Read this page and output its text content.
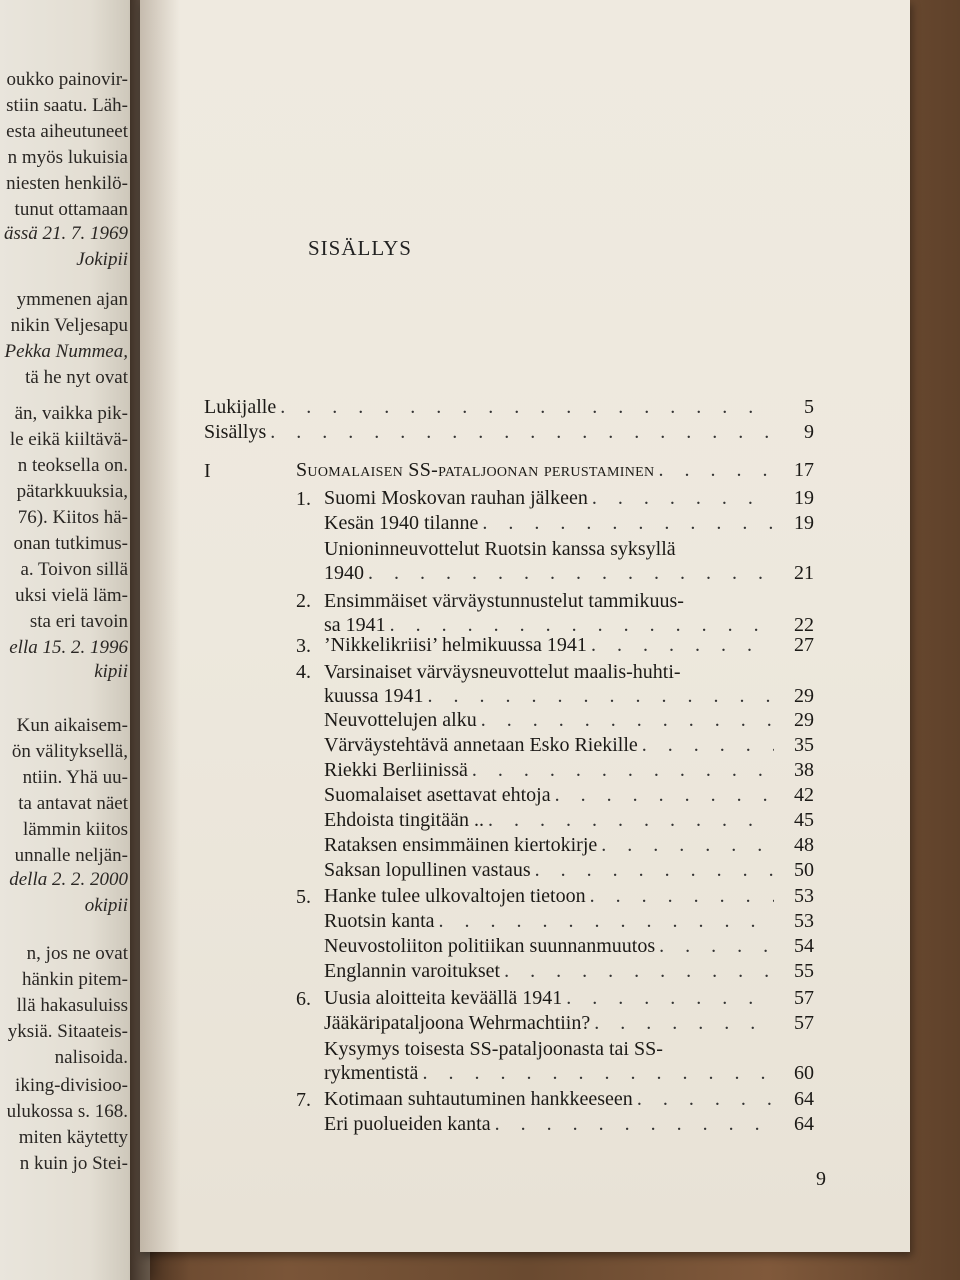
oukko painovir-
stiin saatu. Läh-
esta aiheutuneet
n myös lukuisia
niesten henkilö-
tunut ottamaan
ässä 21. 7. 1969
Jokipii
ymmenen ajan
nikin Veljesapu
Pekka Nummea,
tä he nyt ovat
än, vaikka pik-
le eikä kiiltävä-
n teoksella on.
pätarkkuuksia,
76). Kiitos hä-
onan tutkimus-
a. Toivon sillä
uksi vielä läm-
sta eri tavoin
ella 15. 2. 1996
kipii
Kun aikaisem-
ön välityksellä,
ntiin. Yhä uu-
ta antavat näet
lämmin kiitos
unnalle neljän-
della 2. 2. 2000
okipii
n, jos ne ovat
hänkin pitem-
llä hakasuluiss
yksiä. Sitaateis-
nalisoida.
iking-divisioo-
ulukossa s. 168.
miten käytetty
n kuin jo Stei-
SISÄLLYS
Lukijalle . . .	5
Sisällys . . .	9
I	Suomalaisen SS-pataljoonan perustaminen . . .	17
1. Suomi Moskovan rauhan jälkeen . . .	19
Kesän 1940 tilanne . . .	19
Unioninneuvottelut Ruotsin kanssa syksyllä
1940 . . .	21
2. Ensimmäiset värväystunnustelut tammikuus-
sa 1941 . . .	22
3. ’Nikkelikriisi’ helmikuussa 1941 . . .	27
4. Varsinaiset värväysneuvottelut maalis-huhti-
kuussa 1941 . . .	29
Neuvottelujen alku . . .	29
Värväystehtävä annetaan Esko Riekille . . .	35
Riekki Berliinissä . . .	38
Suomalaiset asettavat ehtoja . . .	42
Ehdoista tingitään .. . . .	45
Rataksen ensimmäinen kiertokirje . . .	48
Saksan lopullinen vastaus . . .	50
5. Hanke tulee ulkovaltojen tietoon . . .	53
Ruotsin kanta . . .	53
Neuvostoliiton politiikan suunnanmuutos . . .	54
Englannin varoitukset . . .	55
6. Uusia aloitteita keväällä 1941 . . .	57
Jääkäripataljoona Wehrmachtiin? . . .	57
Kysymys toisesta SS-pataljoonasta tai SS-
rykmentistä . . .	60
7. Kotimaan suhtautuminen hankkeeseen . . .	64
Eri puolueiden kanta . . .	64
9
